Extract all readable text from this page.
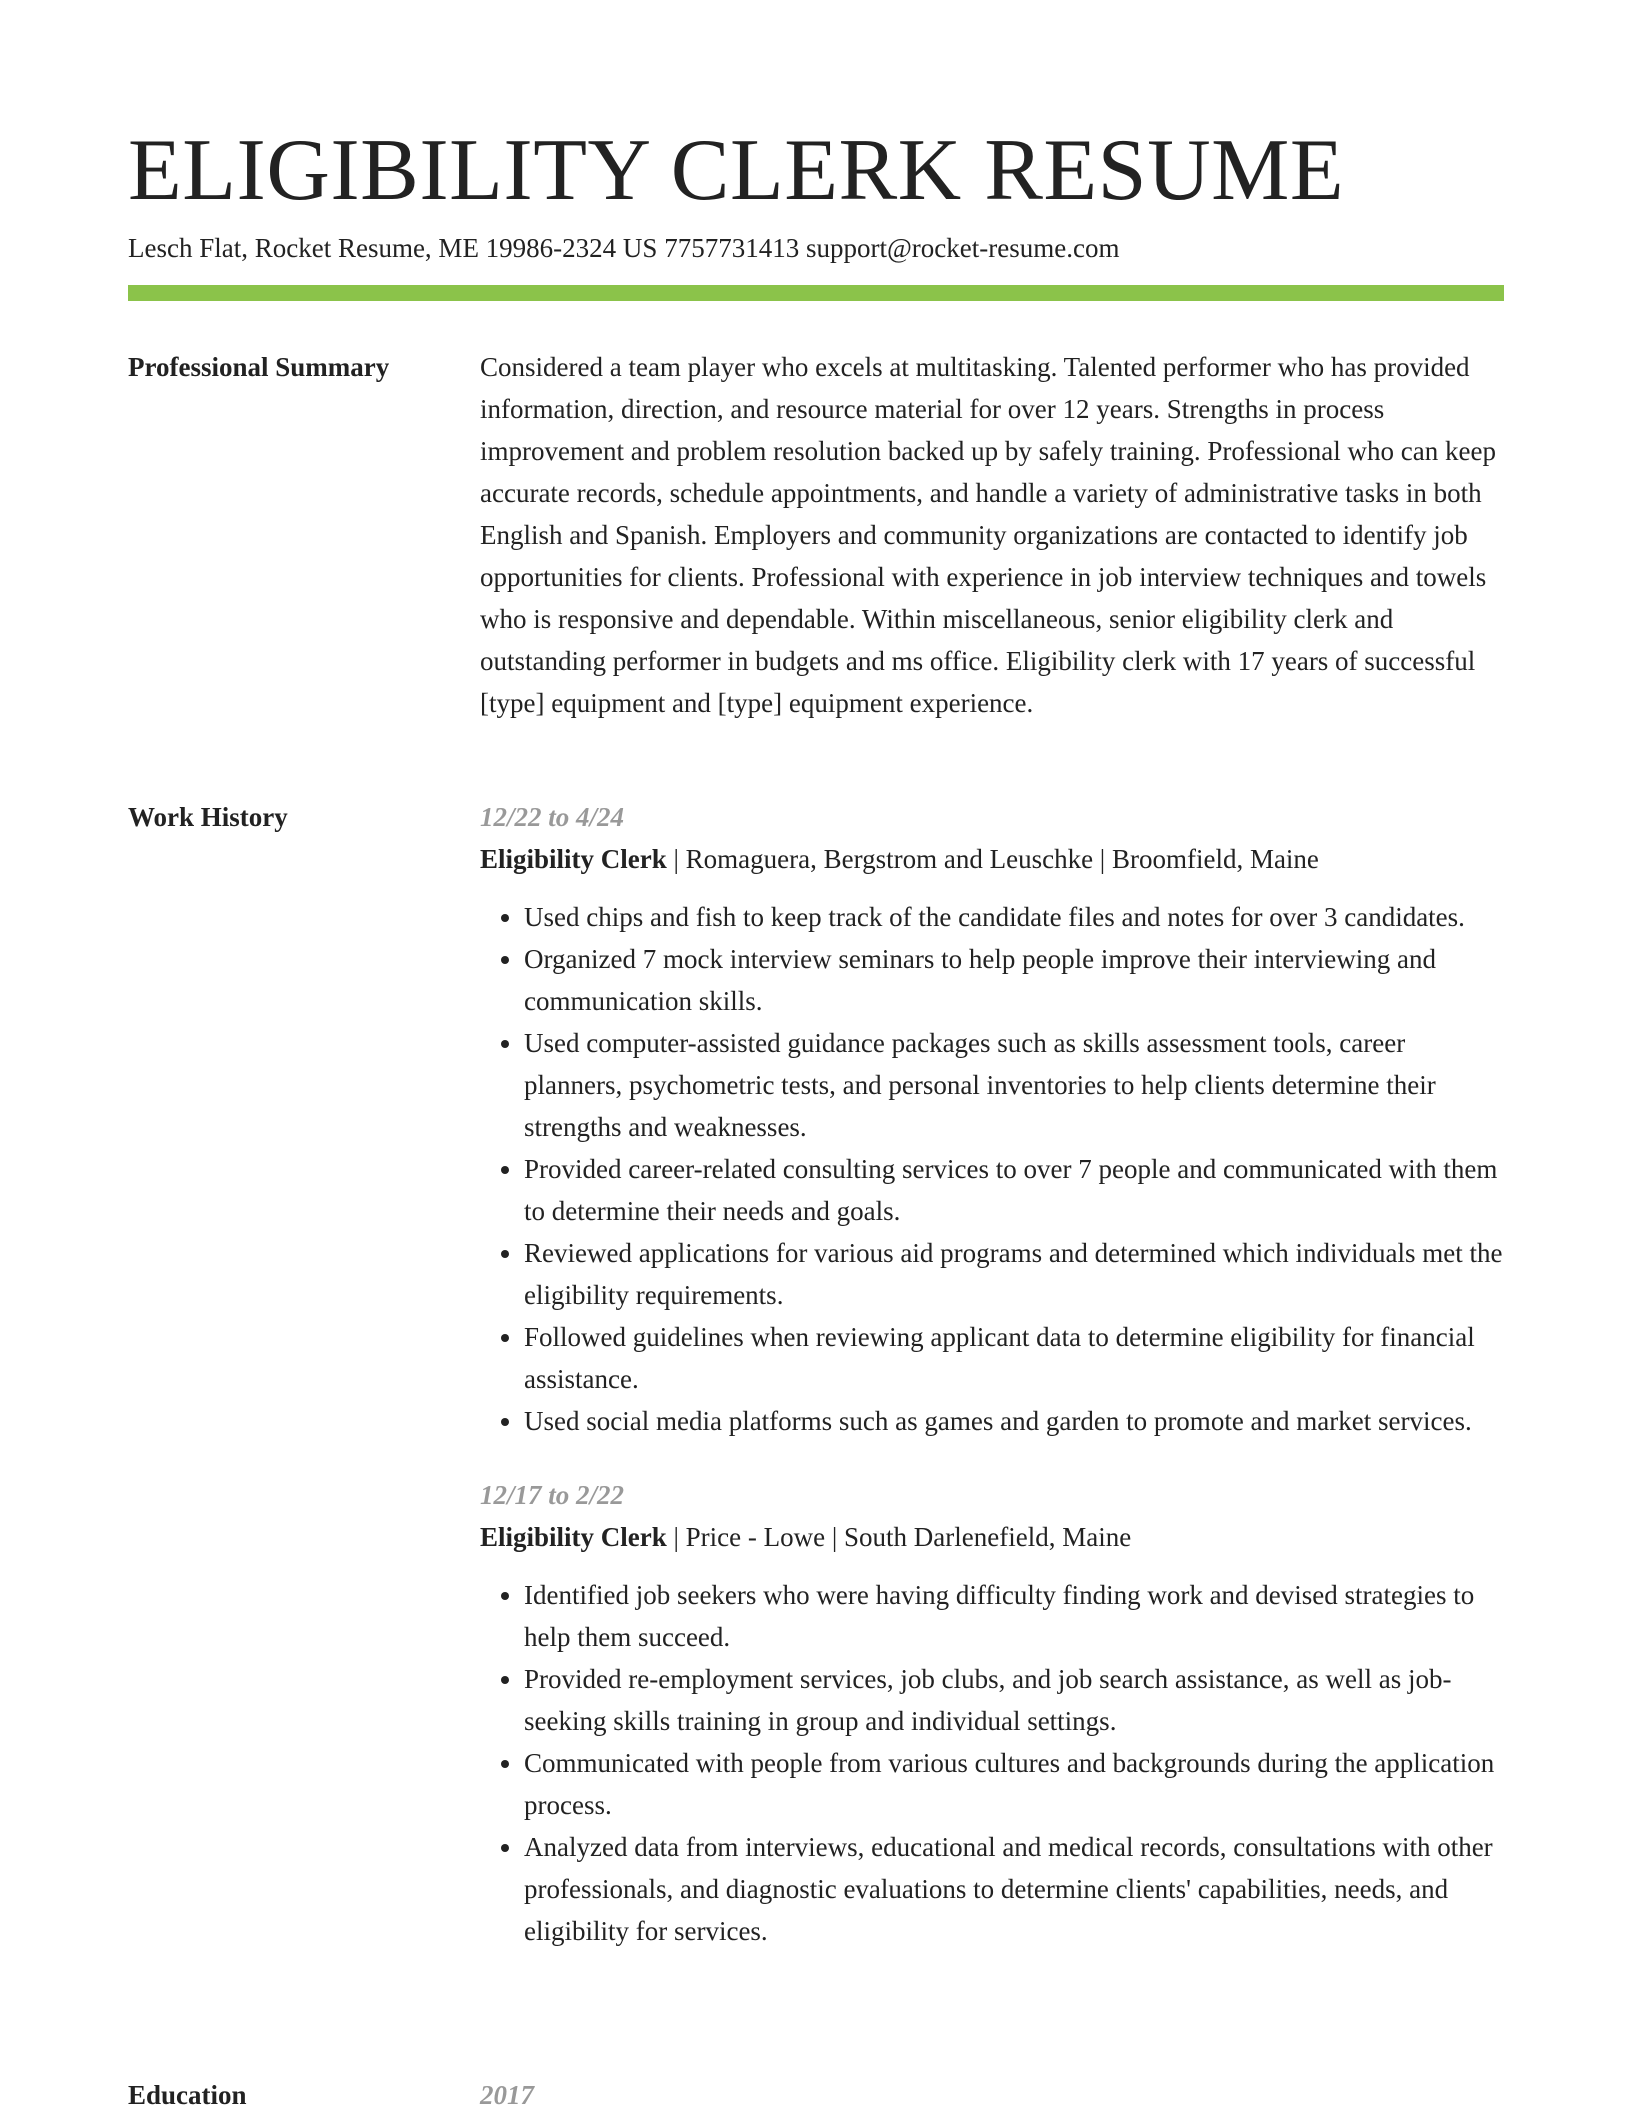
ELIGIBILITY CLERK RESUME
Lesch Flat, Rocket Resume, ME 19986-2324 US 7757731413 support@rocket-resume.com
Professional Summary	Considered a team player who excels at multitasking. Talented performer who has provided information, direction, and resource material for over 12 years. Strengths in process improvement and problem resolution backed up by safely training. Professional who can keep accurate records, schedule appointments, and handle a variety of administrative tasks in both English and Spanish. Employers and community organizations are contacted to identify job opportunities for clients. Professional with experience in job interview techniques and towels who is responsive and dependable. Within miscellaneous, senior eligibility clerk and outstanding performer in budgets and ms office. Eligibility clerk with 17 years of successful [type] equipment and [type] equipment experience.

Work History	12/22 to 4/24

Eligibility Clerk | Romaguera, Bergstrom and Leuschke | Broomfield, Maine

• Used chips and fish to keep track of the candidate files and notes for over 3 candidates.
• Organized 7 mock interview seminars to help people improve their interviewing and communication skills.
• Used computer-assisted guidance packages such as skills assessment tools, career planners, psychometric tests, and personal inventories to help clients determine their strengths and weaknesses.
• Provided career-related consulting services to over 7 people and communicated with them to determine their needs and goals.
• Reviewed applications for various aid programs and determined which individuals met the eligibility requirements.
• Followed guidelines when reviewing applicant data to determine eligibility for financial assistance.
• Used social media platforms such as games and garden to promote and market services.

12/17 to 2/22

Eligibility Clerk | Price - Lowe | South Darlenefield, Maine

• Identified job seekers who were having difficulty finding work and devised strategies to help them succeed.
• Provided re-employment services, job clubs, and job search assistance, as well as job-seeking skills training in group and individual settings.
• Communicated with people from various cultures and backgrounds during the application process.
• Analyzed data from interviews, educational and medical records, consultations with other professionals, and diagnostic evaluations to determine clients' capabilities, needs, and eligibility for services.
Education	2017
